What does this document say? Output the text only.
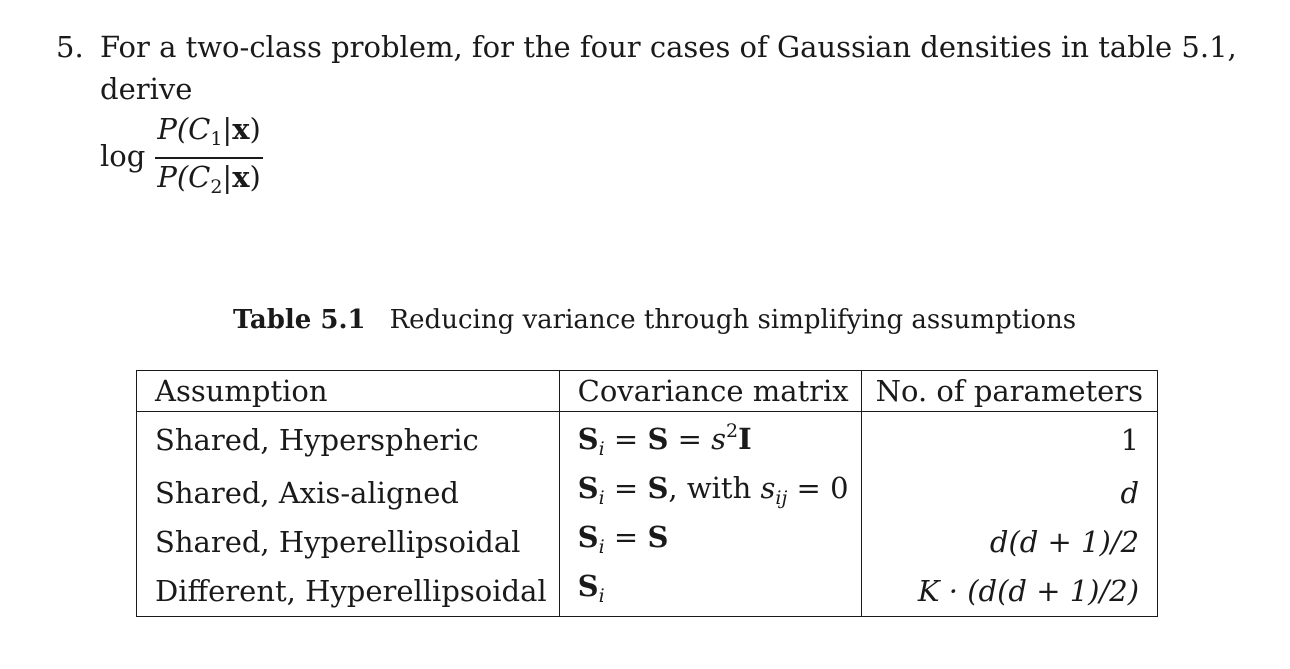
5. For a two-class problem, for the four cases of Gaussian densities in table 5.1, derive
$\log \frac{P(C_1|x)}{P(C_2|x)}$
Table 5.1 Reducing variance through simplifying assumptions
Assumption	Covariance matrix	No. of parameters
Shared, Hyperspheric	$S_i = S = s^2I$	1
Shared, Axis-aligned	$S_i = S$, with $s_{ij} = 0$	d
Shared, Hyperellipsoidal	$S_i = S$	d(d + 1)/2
Different, Hyperellipsoidal	$S_i$	K · (d(d + 1)/2)
